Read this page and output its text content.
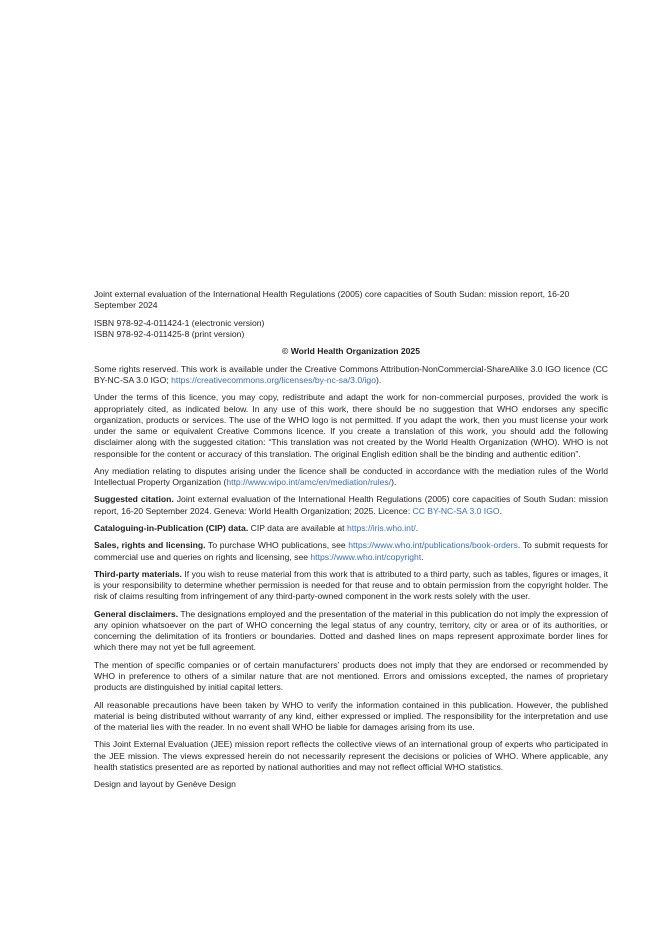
Joint external evaluation of the International Health Regulations (2005) core capacities of South Sudan: mission report, 16-20 September 2024

ISBN 978-92-4-011424-1 (electronic version)

ISBN 978-92-4-011425-8 (print version)

© World Health Organization 2025

Some rights reserved. This work is available under the Creative Commons Attribution-NonCommercial-ShareAlike 3.0 IGO licence (CC BY-NC-SA 3.0 IGO; https://creativecommons.org/licenses/by-nc-sa/3.0/igo).

Under the terms of this licence, you may copy, redistribute and adapt the work for non-commercial purposes, provided the work is appropriately cited, as indicated below. In any use of this work, there should be no suggestion that WHO endorses any specific organization, products or services. The use of the WHO logo is not permitted. If you adapt the work, then you must license your work under the same or equivalent Creative Commons licence. If you create a translation of this work, you should add the following disclaimer along with the suggested citation: “This translation was not created by the World Health Organization (WHO). WHO is not responsible for the content or accuracy of this translation. The original English edition shall be the binding and authentic edition”.

Any mediation relating to disputes arising under the licence shall be conducted in accordance with the mediation rules of the World Intellectual Property Organization (http://www.wipo.int/amc/en/mediation/rules/).

Suggested citation. Joint external evaluation of the International Health Regulations (2005) core capacities of South Sudan: mission report, 16-20 September 2024. Geneva: World Health Organization; 2025. Licence: CC BY-NC-SA 3.0 IGO.

Cataloguing-in-Publication (CIP) data. CIP data are available at https://iris.who.int/.

Sales, rights and licensing. To purchase WHO publications, see https://www.who.int/publications/book-orders. To submit requests for commercial use and queries on rights and licensing, see https://www.who.int/copyright.

Third-party materials. If you wish to reuse material from this work that is attributed to a third party, such as tables, figures or images, it is your responsibility to determine whether permission is needed for that reuse and to obtain permission from the copyright holder. The risk of claims resulting from infringement of any third-party-owned component in the work rests solely with the user.

General disclaimers. The designations employed and the presentation of the material in this publication do not imply the expression of any opinion whatsoever on the part of WHO concerning the legal status of any country, territory, city or area or of its authorities, or concerning the delimitation of its frontiers or boundaries. Dotted and dashed lines on maps represent approximate border lines for which there may not yet be full agreement.

The mention of specific companies or of certain manufacturers’ products does not imply that they are endorsed or recommended by WHO in preference to others of a similar nature that are not mentioned. Errors and omissions excepted, the names of proprietary products are distinguished by initial capital letters.

All reasonable precautions have been taken by WHO to verify the information contained in this publication. However, the published material is being distributed without warranty of any kind, either expressed or implied. The responsibility for the interpretation and use of the material lies with the reader. In no event shall WHO be liable for damages arising from its use.

This Joint External Evaluation (JEE) mission report reflects the collective views of an international group of experts who participated in the JEE mission. The views expressed herein do not necessarily represent the decisions or policies of WHO. Where applicable, any health statistics presented are as reported by national authorities and may not reflect official WHO statistics.

Design and layout by Genève Design
